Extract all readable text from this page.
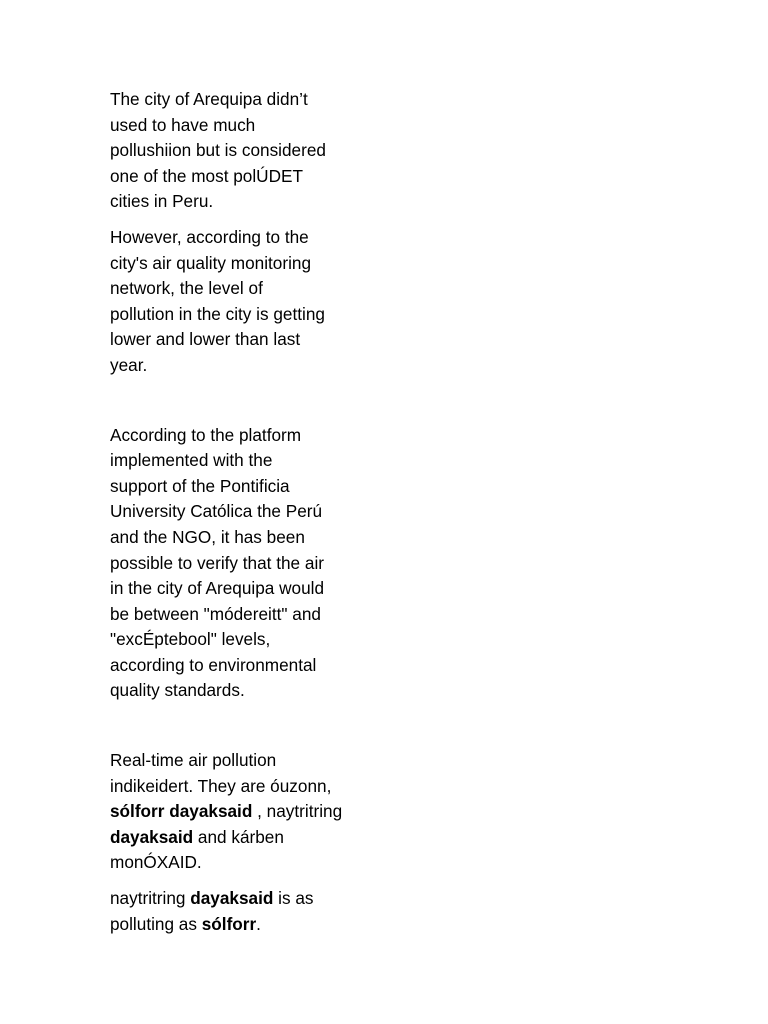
The city of Arequipa didn’t
used to have much
pollushiion but is considered
one of the most polÚDET
cities in Peru.

However, according to the
city's air quality monitoring
network, the level of
pollution in the city is getting
lower and lower than last
year.

According to the platform
implemented with the
support of the Pontificia
University Católica the Perú
and the NGO, it has been
possible to verify that the air
in the city of Arequipa would
be between "módereitt" and
"excÉptebool" levels,
according to environmental
quality standards.

Real-time air pollution
indikeidert. They are óuzonn,
sólforr dayaksaid , naytritring
dayaksaid and kárben
monÓXAID.

naytritring dayaksaid is as
polluting as sólforr.
